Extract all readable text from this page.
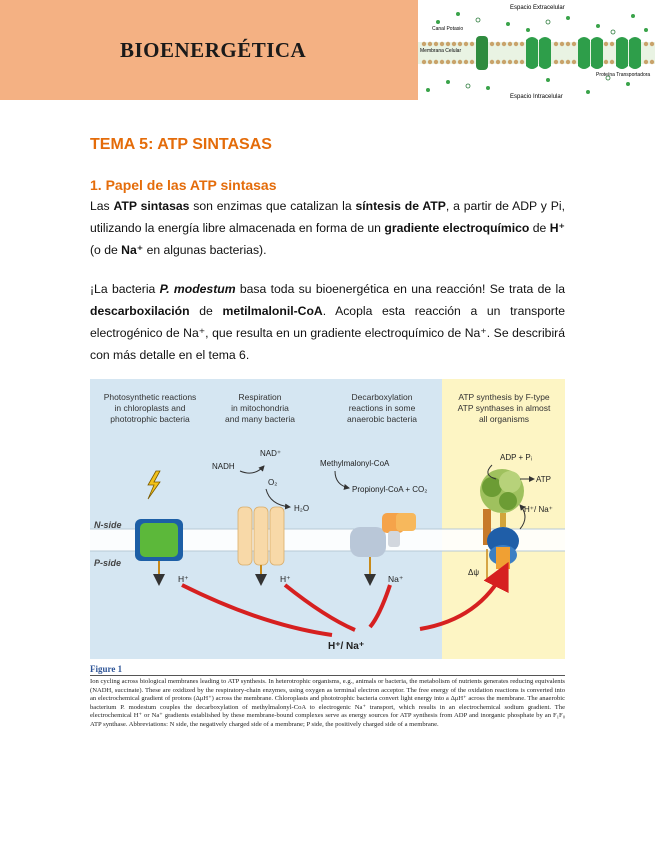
BIOENERGÉTICA
Espacio Extracelular
Espacio Intracelular
Canal Potasio
Membrana Celular
Proteína Transportadora
TEMA 5: ATP SINTASAS
1. Papel de las ATP sintasas
Las ATP sintasas son enzimas que catalizan la síntesis de ATP, a partir de ADP y Pi, utilizando la energía libre almacenada en forma de un gradiente electroquímico de H⁺ (o de Na⁺ en algunas bacterias).
¡La bacteria P. modestum basa toda su bioenergética en una reacción! Se trata de la descarboxilación de metilmalonil-CoA. Acopla esta reacción a un transporte electrogénico de Na⁺, que resulta en un gradiente electroquímico de Na⁺. Se describirá con más detalle en el tema 6.
Photosynthetic reactions
in chloroplasts and
phototrophic bacteria
Respiration
in mitochondria
and many bacteria
Decarboxylation
reactions in some
anaerobic bacteria
ATP synthesis by F-type
ATP synthases in almost
all organisms
N-side
P-side
H⁺	H⁺
NADH
NAD⁺
O₂
H₂O
Na⁺
Methylmalonyl-CoA
Propionyl-CoA + CO₂
ADP + Pᵢ
ATP
H⁺/ Na⁺
Δψ
H⁺/ Na⁺
Figure 1
Ion cycling across biological membranes leading to ATP synthesis. In heterotrophic organisms, e.g., animals or bacteria, the metabolism of nutrients generates reducing equivalents (NADH, succinate). These are oxidized by the respiratory-chain enzymes, using oxygen as terminal electron acceptor. The free energy of the oxidation reactions is converted into an electrochemical gradient of protons (ΔμH⁺) across the membrane. Chloroplasts and phototrophic bacteria convert light energy into a ΔμH⁺ across the membrane. The anaerobic bacterium P. modestum couples the decarboxylation of methylmalonyl-CoA to electrogenic Na⁺ transport, which results in an electrochemical sodium gradient. The electrochemical H⁺ or Na⁺ gradients established by these membrane-bound complexes serve as energy sources for ATP synthesis from ADP and inorganic phosphate by an F₁F₀ ATP synthase. Abbreviations: N side, the negatively charged side of a membrane; P side, the positively charged side of a membrane.
